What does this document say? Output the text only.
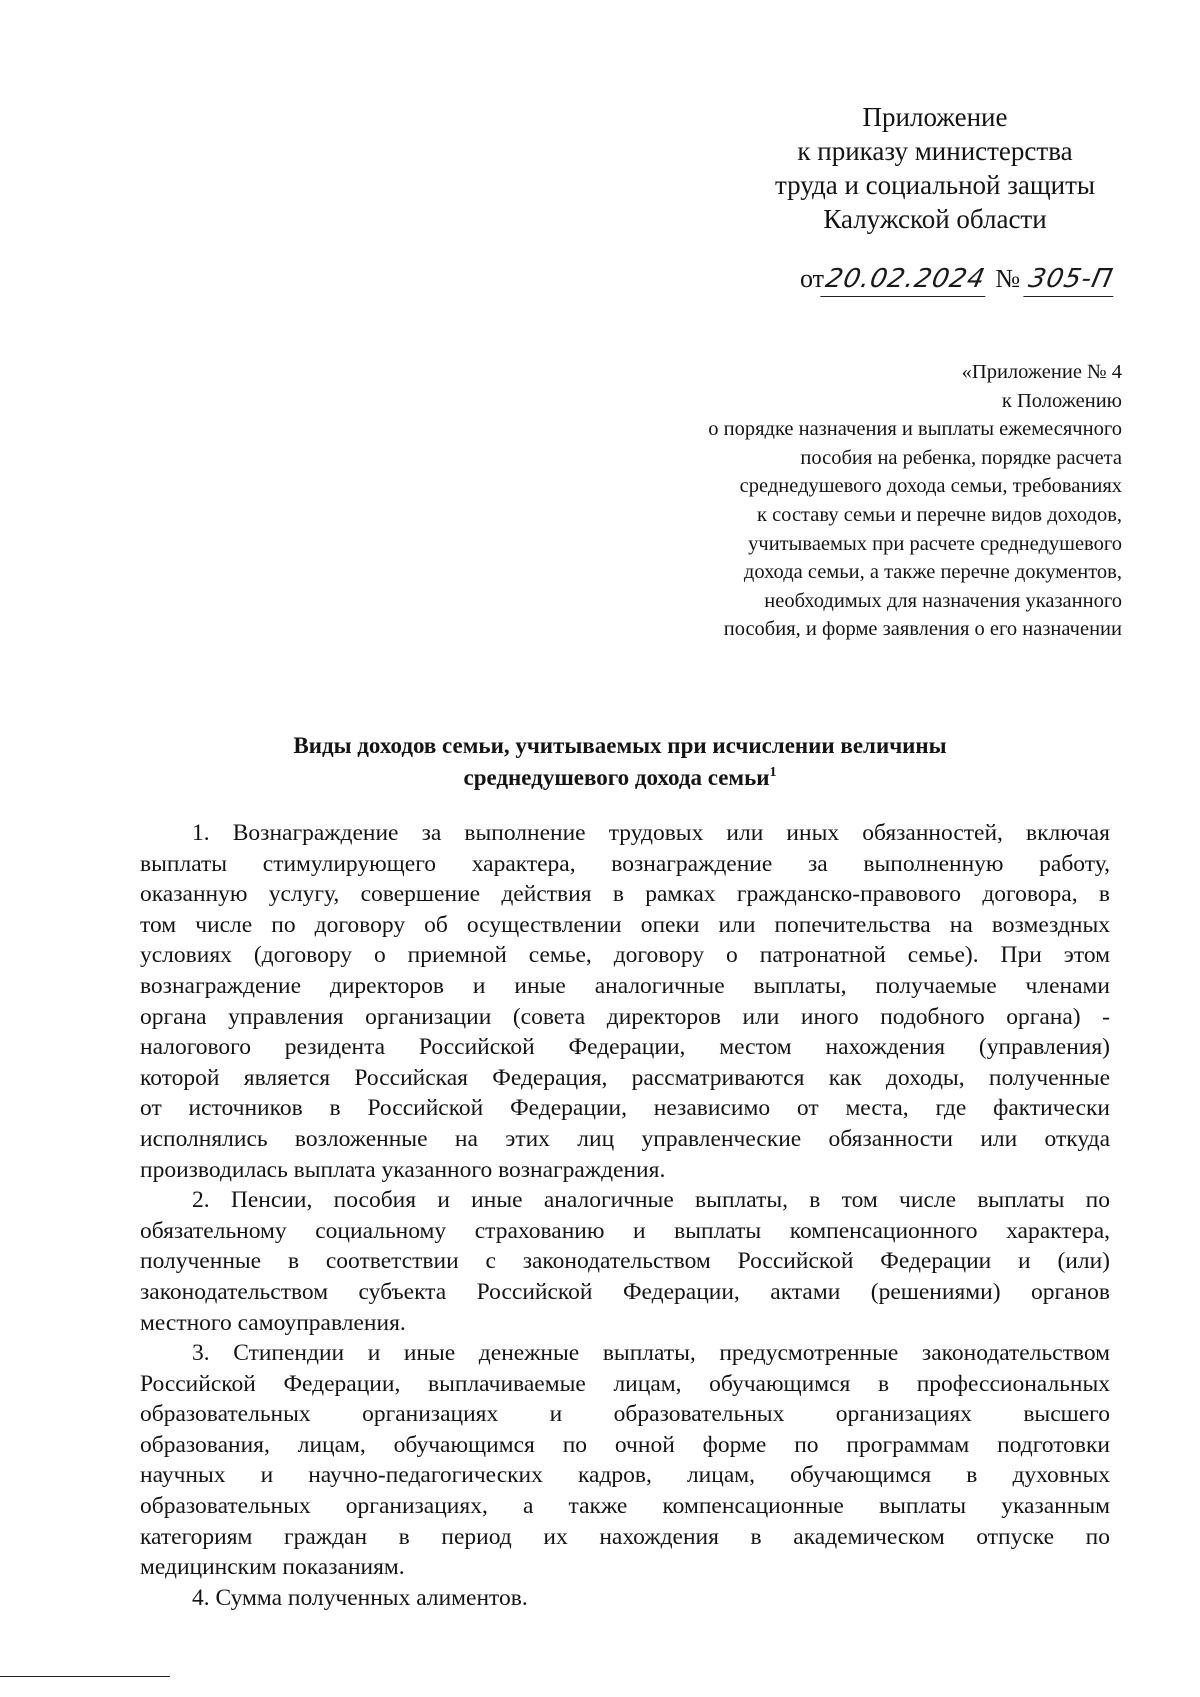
Приложение
к приказу министерства
труда и социальной защиты
Калужской области
от20.02.2024 № 305-П
«Приложение № 4
к Положению
о порядке назначения и выплаты ежемесячного
пособия на ребенка, порядке расчета
среднедушевого дохода семьи, требованиях
к составу семьи и перечне видов доходов,
учитываемых при расчете среднедушевого
дохода семьи, а также перечне документов,
необходимых для назначения указанного
пособия, и форме заявления о его назначении
Виды доходов семьи, учитываемых при исчислении величины
среднедушевого дохода семьи$^1$
1. Вознаграждение за выполнение трудовых или иных обязанностей, включая
выплаты стимулирующего характера, вознаграждение за выполненную работу,
оказанную услугу, совершение действия в рамках гражданско-правового договора, в
том числе по договору об осуществлении опеки или попечительства на возмездных
условиях (договору о приемной семье, договору о патронатной семье). При этом
вознаграждение директоров и иные аналогичные выплаты, получаемые членами
органа управления организации (совета директоров или иного подобного органа) -
налогового резидента Российской Федерации, местом нахождения (управления)
которой является Российская Федерация, рассматриваются как доходы, полученные
от источников в Российской Федерации, независимо от места, где фактически
исполнялись возложенные на этих лиц управленческие обязанности или откуда
производилась выплата указанного вознаграждения.
2. Пенсии, пособия и иные аналогичные выплаты, в том числе выплаты по
обязательному социальному страхованию и выплаты компенсационного характера,
полученные в соответствии с законодательством Российской Федерации и (или)
законодательством субъекта Российской Федерации, актами (решениями) органов
местного самоуправления.
3. Стипендии и иные денежные выплаты, предусмотренные законодательством
Российской Федерации, выплачиваемые лицам, обучающимся в профессиональных
образовательных организациях и образовательных организациях высшего
образования, лицам, обучающимся по очной форме по программам подготовки
научных и научно-педагогических кадров, лицам, обучающимся в духовных
образовательных организациях, а также компенсационные выплаты указанным
категориям граждан в период их нахождения в академическом отпуске по
медицинским показаниям.
4. Сумма полученных алиментов.
